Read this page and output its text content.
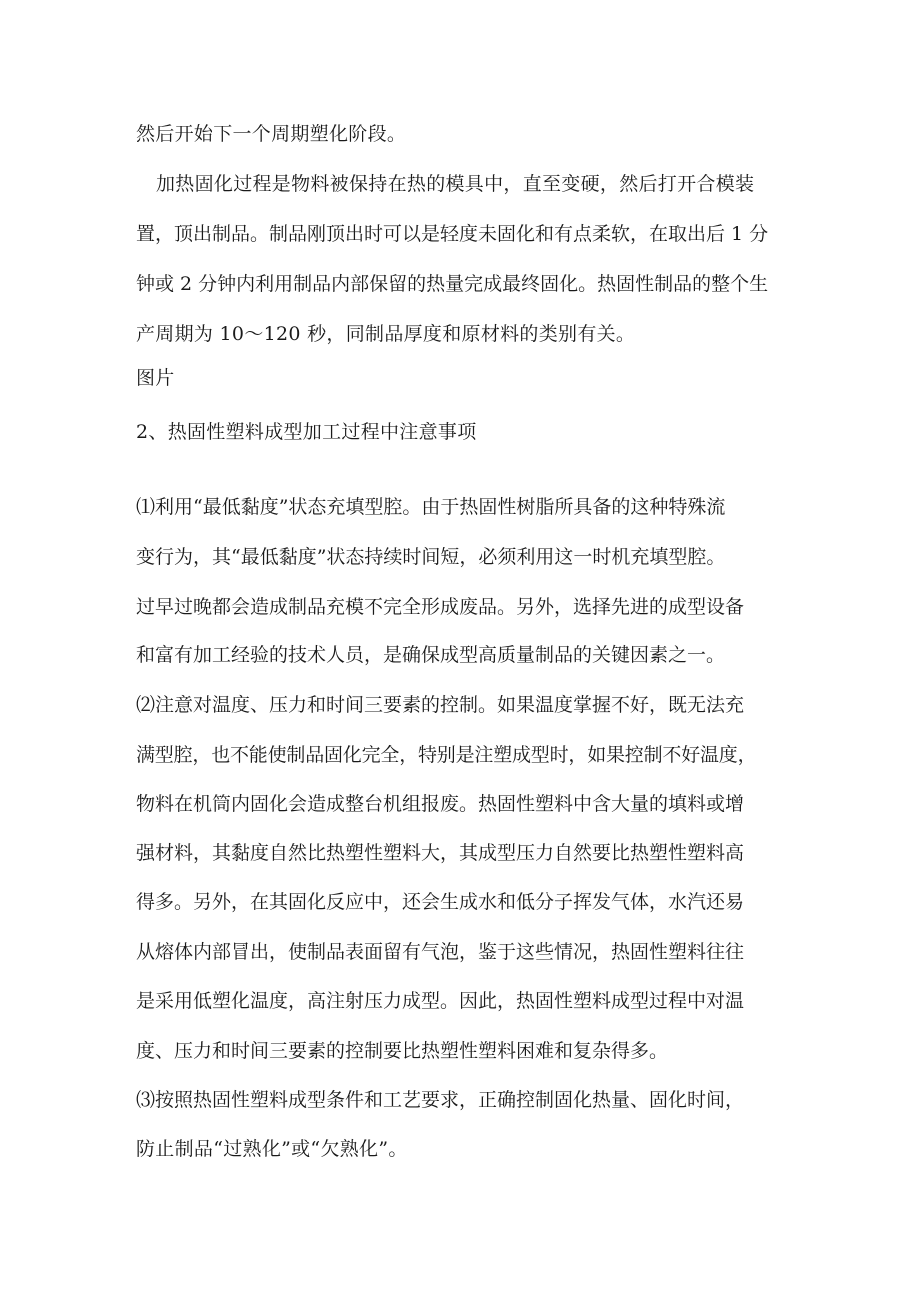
然后开始下一个周期塑化阶段。
加热固化过程是物料被保持在热的模具中，直至变硬，然后打开合模装
置，顶出制品。制品刚顶出时可以是轻度未固化和有点柔软，在取出后 1 分
钟或 2 分钟内利用制品内部保留的热量完成最终固化。热固性制品的整个生
产周期为 10～120 秒，同制品厚度和原材料的类别有关。
图片
2、热固性塑料成型加工过程中注意事项
⑴利用“最低黏度”状态充填型腔。由于热固性树脂所具备的这种特殊流
变行为，其“最低黏度”状态持续时间短，必须利用这一时机充填型腔。
过早过晚都会造成制品充模不完全形成废品。另外，选择先进的成型设备
和富有加工经验的技术人员，是确保成型高质量制品的关键因素之一。
⑵注意对温度、压力和时间三要素的控制。如果温度掌握不好，既无法充
满型腔，也不能使制品固化完全，特别是注塑成型时，如果控制不好温度，
物料在机筒内固化会造成整台机组报废。热固性塑料中含大量的填料或增
强材料，其黏度自然比热塑性塑料大，其成型压力自然要比热塑性塑料高
得多。另外，在其固化反应中，还会生成水和低分子挥发气体，水汽还易
从熔体内部冒出，使制品表面留有气泡，鉴于这些情况，热固性塑料往往
是采用低塑化温度，高注射压力成型。因此，热固性塑料成型过程中对温
度、压力和时间三要素的控制要比热塑性塑料困难和复杂得多。
⑶按照热固性塑料成型条件和工艺要求，正确控制固化热量、固化时间，
防止制品“过熟化”或“欠熟化”。
